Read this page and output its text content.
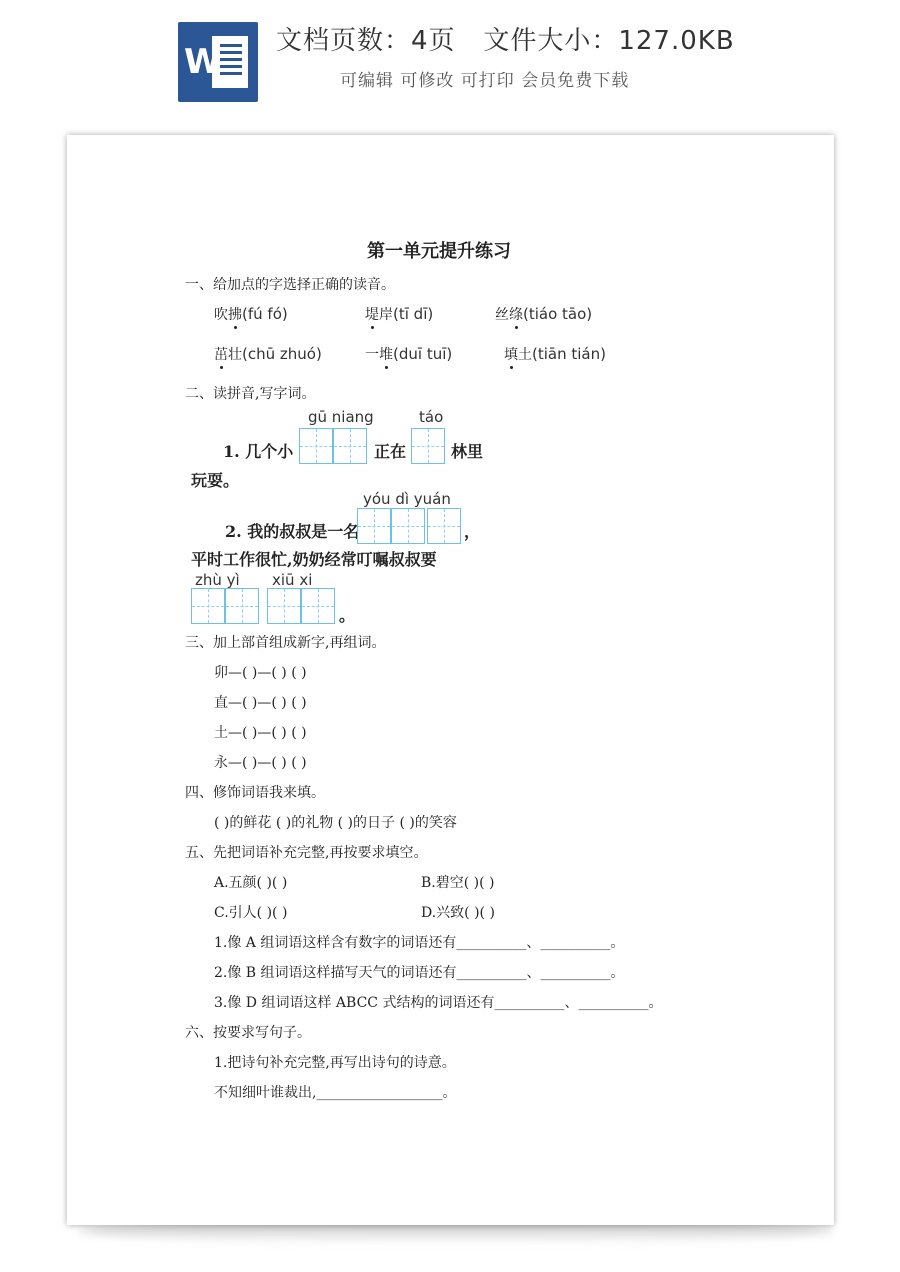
W
文档页数：4页   文件大小：127.0KB
可编辑 可修改 可打印 会员免费下载
第一单元提升练习
一、给加点的字选择正确的读音。
吹拂(fú fó)	堤岸(tī dī)	丝绦(tiáo tāo)
茁壮(chū zhuó)	一堆(duī tuī)	填土(tiān tián)
二、读拼音,写字词。
gū niang	táo
1. 几个小	正在	林里
玩耍。
yóu dì yuán
2. 我的叔叔是一名	，
平时工作很忙,奶奶经常叮嘱叔叔要
zhù yì xiū xi
。
三、加上部首组成新字,再组词。
卯—( )—( ) ( )
直—( )—( ) ( )
土—( )—( ) ( )
永—( )—( ) ( )
四、修饰词语我来填。
( )的鲜花 ( )的礼物 ( )的日子 ( )的笑容
五、先把词语补充完整,再按要求填空。
A.五颜( )( )	B.碧空( )( )
C.引人( )( )	D.兴致( )( )
1.像 A 组词语这样含有数字的词语还有__________、__________。
2.像 B 组词语这样描写天气的词语还有__________、__________。
3.像 D 组词语这样 ABCC 式结构的词语还有__________、__________。
六、按要求写句子。
1.把诗句补充完整,再写出诗句的诗意。
不知细叶谁裁出,__________________。
